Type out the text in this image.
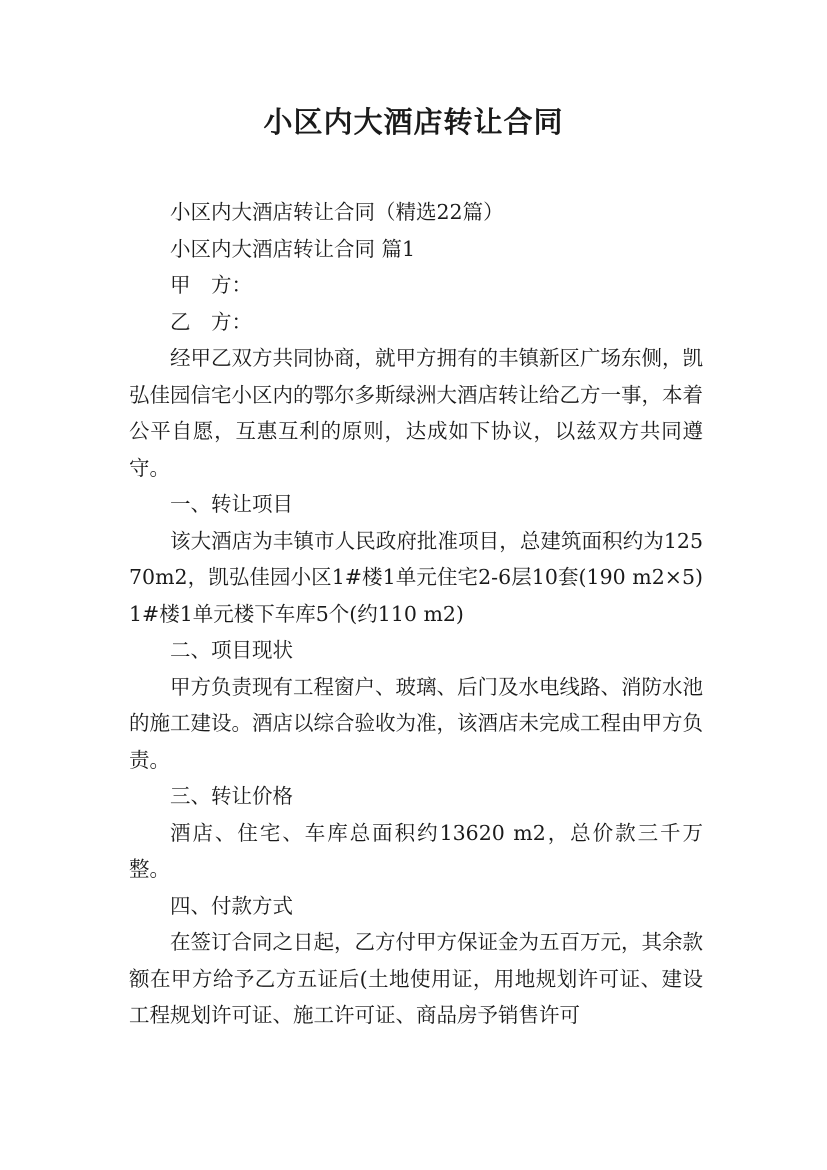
小区内大酒店转让合同

小区内大酒店转让合同（精选22篇）

小区内大酒店转让合同 篇1

甲　方：

乙　方：

经甲乙双方共同协商，就甲方拥有的丰镇新区广场东侧，凯弘佳园信宅小区内的鄂尔多斯绿洲大酒店转让给乙方一事，本着公平自愿，互惠互利的原则，达成如下协议，以兹双方共同遵守。

一、转让项目

该大酒店为丰镇市人民政府批准项目，总建筑面积约为12570m2，凯弘佳园小区1#楼1单元住宅2-6层10套(190 m2×5)1#楼1单元楼下车库5个(约110 m2)

二、项目现状

甲方负责现有工程窗户、玻璃、后门及水电线路、消防水池的施工建设。酒店以综合验收为准，该酒店未完成工程由甲方负责。

三、转让价格

酒店、住宅、车库总面积约13620 m2，总价款三千万整。

四、付款方式

在签订合同之日起，乙方付甲方保证金为五百万元，其余款额在甲方给予乙方五证后(土地使用证，用地规划许可证、建设工程规划许可证、施工许可证、商品房予销售许可
